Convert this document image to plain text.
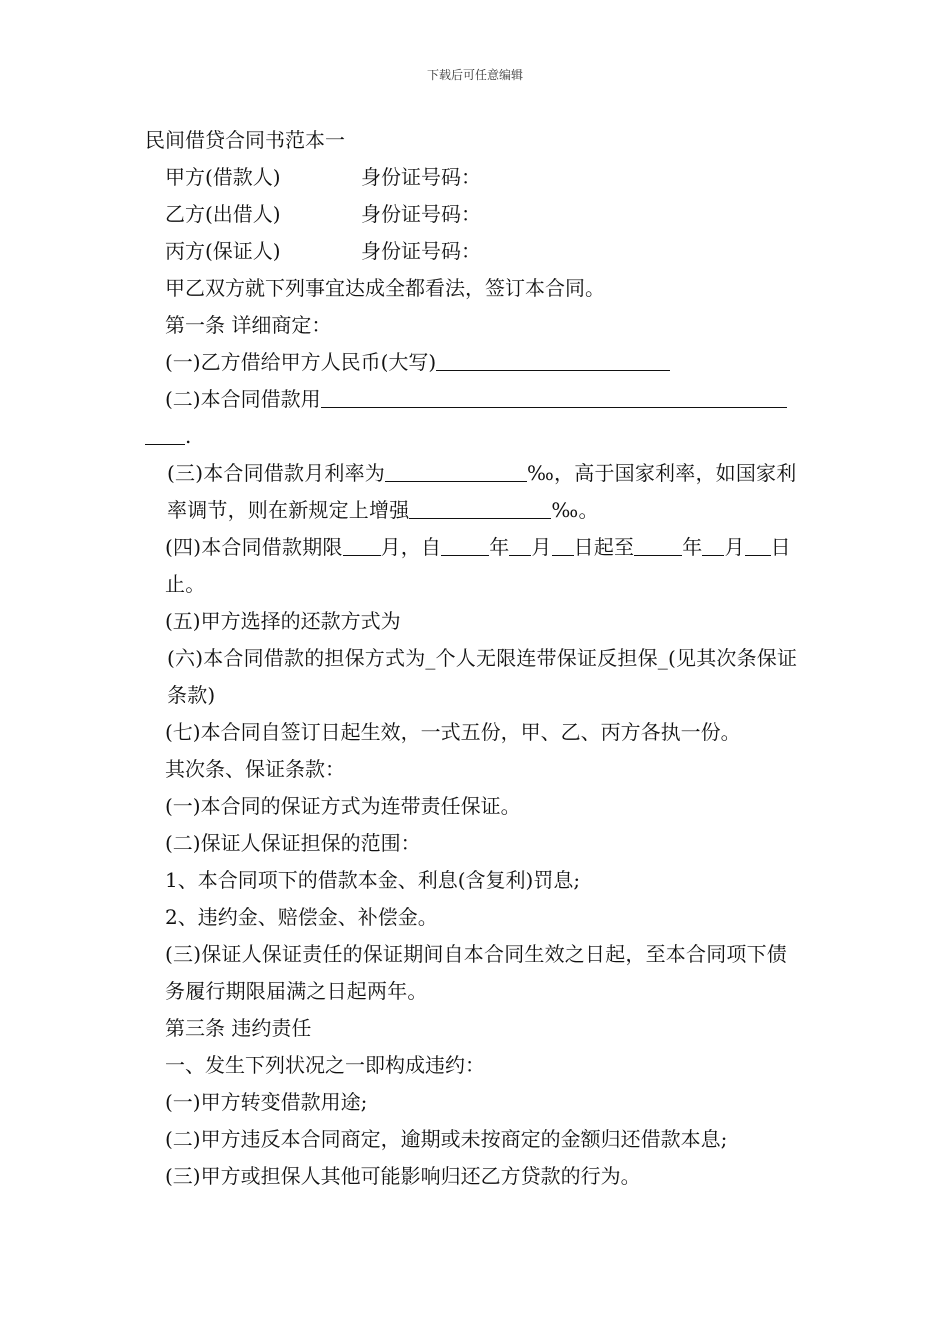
下载后可任意编辑
民间借贷合同书范本一
甲方(借款人)	身份证号码：
乙方(出借人)	身份证号码：
丙方(保证人)	身份证号码：
甲乙双方就下列事宜达成全都看法，签订本合同。
第一条 详细商定：
(一)乙方借给甲方人民币(大写)
(二)本合同借款用
.
(三)本合同借款月利率为	‰，高于国家利率，如国家利率调节，则在新规定上增强	‰。
(四)本合同借款期限 月，自 年 月 日起至 年 月 日止。
(五)甲方选择的还款方式为
(六)本合同借款的担保方式为_个人无限连带保证反担保_(见其次条保证条款)
(七)本合同自签订日起生效，一式五份，甲、乙、丙方各执一份。
其次条、保证条款：
(一)本合同的保证方式为连带责任保证。
(二)保证人保证担保的范围：
1、本合同项下的借款本金、利息(含复利)罚息;
2、违约金、赔偿金、补偿金。
(三)保证人保证责任的保证期间自本合同生效之日起，至本合同项下债务履行期限届满之日起两年。
第三条 违约责任
一、发生下列状况之一即构成违约：
(一)甲方转变借款用途;
(二)甲方违反本合同商定，逾期或未按商定的金额归还借款本息;
(三)甲方或担保人其他可能影响归还乙方贷款的行为。
